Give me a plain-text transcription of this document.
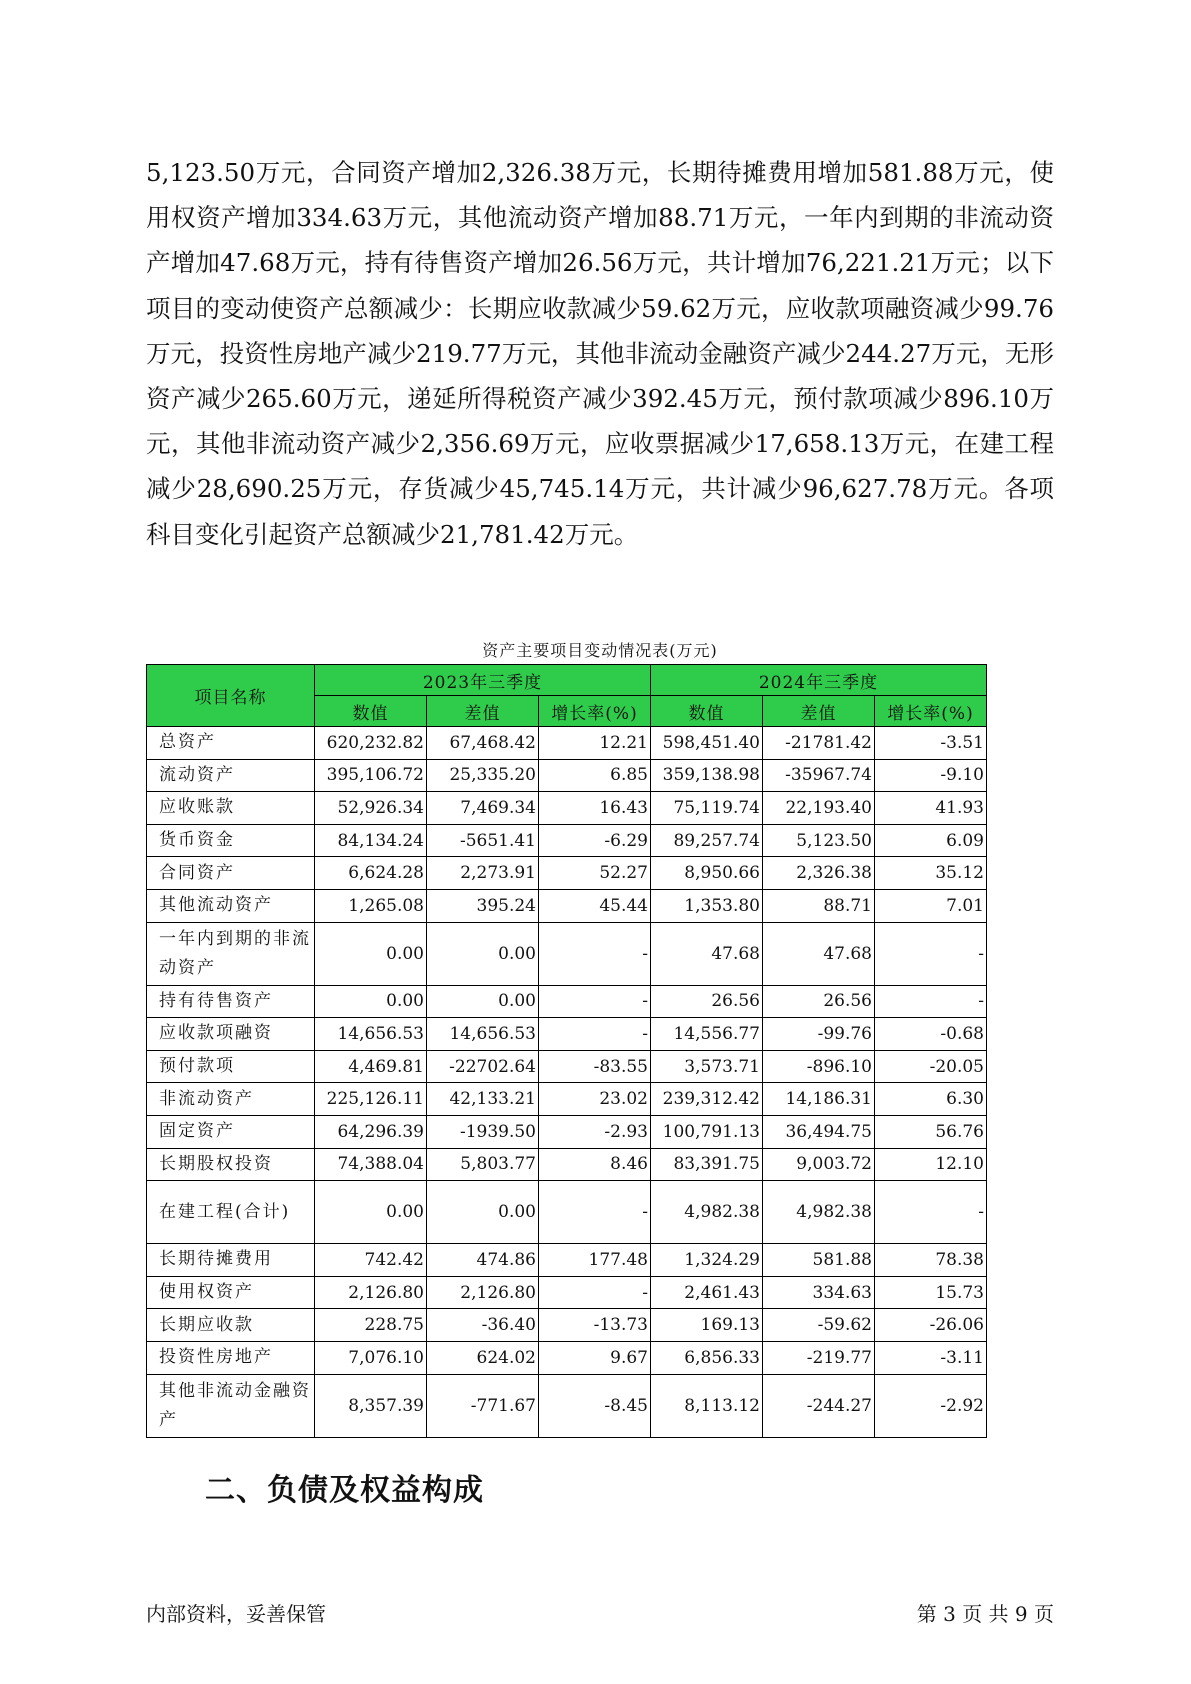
5,123.50万元，合同资产增加2,326.38万元，长期待摊费用增加581.88万元，使用权资产增加334.63万元，其他流动资产增加88.71万元，一年内到期的非流动资产增加47.68万元，持有待售资产增加26.56万元，共计增加76,221.21万元；以下项目的变动使资产总额减少：长期应收款减少59.62万元，应收款项融资减少99.76万元，投资性房地产减少219.77万元，其他非流动金融资产减少244.27万元，无形资产减少265.60万元，递延所得税资产减少392.45万元，预付款项减少896.10万元，其他非流动资产减少2,356.69万元，应收票据减少17,658.13万元，在建工程减少28,690.25万元，存货减少45,745.14万元，共计减少96,627.78万元。各项科目变化引起资产总额减少21,781.42万元。

资产主要项目变动情况表(万元)

项目名称	2023年三季度			2024年三季度		
	数值	差值	增长率(%)	数值	差值	增长率(%)
总资产	620,232.82	67,468.42	12.21	598,451.40	-21781.42	-3.51
流动资产	395,106.72	25,335.20	6.85	359,138.98	-35967.74	-9.10
应收账款	52,926.34	7,469.34	16.43	75,119.74	22,193.40	41.93
货币资金	84,134.24	-5651.41	-6.29	89,257.74	5,123.50	6.09
合同资产	6,624.28	2,273.91	52.27	8,950.66	2,326.38	35.12
其他流动资产	1,265.08	395.24	45.44	1,353.80	88.71	7.01
一年内到期的非流动资产	0.00	0.00	-	47.68	47.68	-
持有待售资产	0.00	0.00	-	26.56	26.56	-
应收款项融资	14,656.53	14,656.53	-	14,556.77	-99.76	-0.68
预付款项	4,469.81	-22702.64	-83.55	3,573.71	-896.10	-20.05
非流动资产	225,126.11	42,133.21	23.02	239,312.42	14,186.31	6.30
固定资产	64,296.39	-1939.50	-2.93	100,791.13	36,494.75	56.76
长期股权投资	74,388.04	5,803.77	8.46	83,391.75	9,003.72	12.10
在建工程(合计)	0.00	0.00	-	4,982.38	4,982.38	-
长期待摊费用	742.42	474.86	177.48	1,324.29	581.88	78.38
使用权资产	2,126.80	2,126.80	-	2,461.43	334.63	15.73
长期应收款	228.75	-36.40	-13.73	169.13	-59.62	-26.06
投资性房地产	7,076.10	624.02	9.67	6,856.33	-219.77	-3.11
其他非流动金融资产	8,357.39	-771.67	-8.45	8,113.12	-244.27	-2.92
二、负债及权益构成

内部资料，妥善保管	第 3 页 共 9 页
